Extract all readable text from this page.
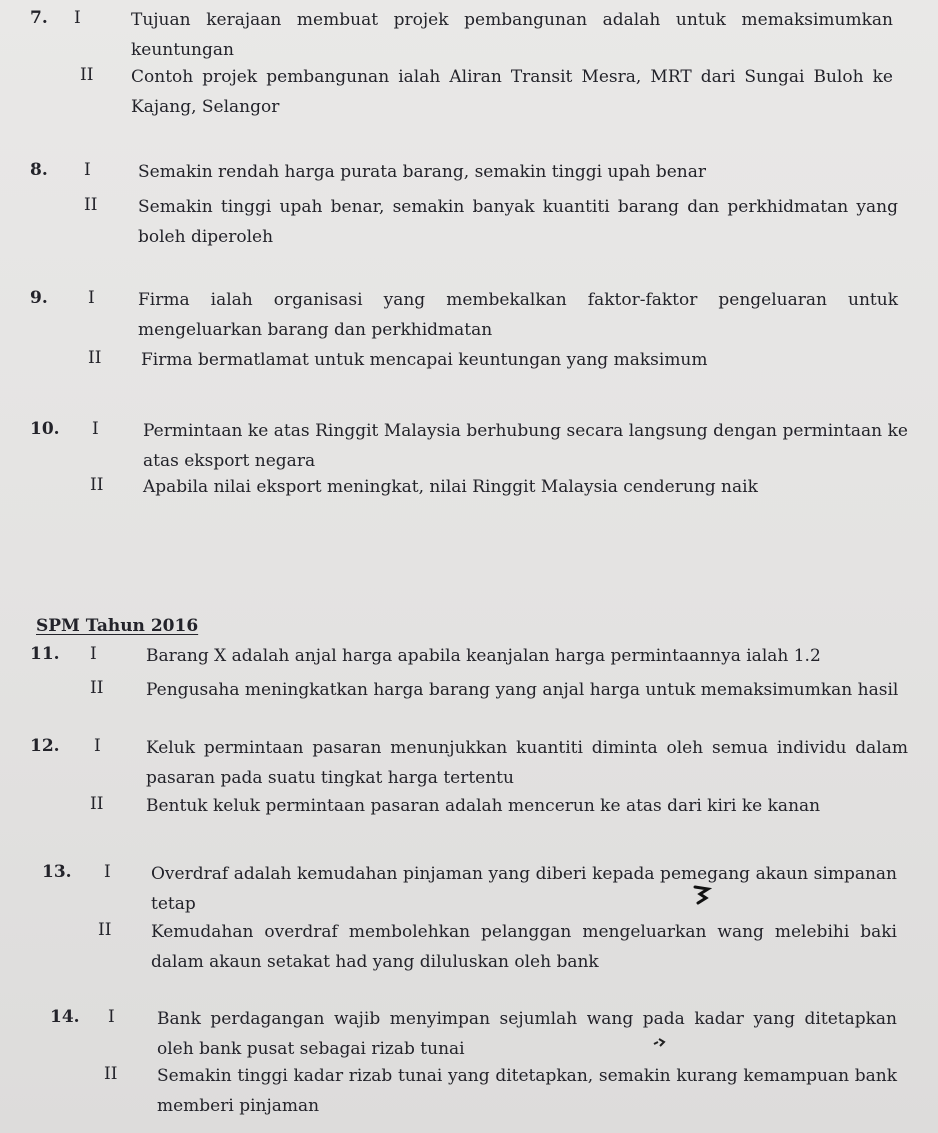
7. I	Tujuan kerajaan membuat projek pembangunan adalah untuk memaksimumkan keuntungan
II Contoh projek pembangunan ialah Aliran Transit Mesra, MRT dari Sungai Buloh ke Kajang, Selangor
8. I	Semakin rendah harga purata barang, semakin tinggi upah benar
II Semakin tinggi upah benar, semakin banyak kuantiti barang dan perkhidmatan yang boleh diperoleh
9. I	Firma ialah organisasi yang membekalkan faktor-faktor pengeluaran untuk mengeluarkan barang dan perkhidmatan
II Firma bermatlamat untuk mencapai keuntungan yang maksimum
10. I	Permintaan ke atas Ringgit Malaysia berhubung secara langsung dengan permintaan ke atas eksport negara
II Apabila nilai eksport meningkat, nilai Ringgit Malaysia cenderung naik
SPM Tahun 2016
11. I	Barang X adalah anjal harga apabila keanjalan harga permintaannya ialah 1.2
II	Pengusaha meningkatkan harga barang yang anjal harga untuk memaksimumkan hasil
12. I	Keluk permintaan pasaran menunjukkan kuantiti diminta oleh semua individu dalam pasaran pada suatu tingkat harga tertentu
II	Bentuk keluk permintaan pasaran adalah mencerun ke atas dari kiri ke kanan
13. I Overdraf adalah kemudahan pinjaman yang diberi kepada pemegang akaun simpanan tetap
II Kemudahan overdraf membolehkan pelanggan mengeluarkan wang melebihi baki dalam akaun setakat had yang diluluskan oleh bank
14. I Bank perdagangan wajib menyimpan sejumlah wang pada kadar yang ditetapkan oleh bank pusat sebagai rizab tunai
II Semakin tinggi kadar rizab tunai yang ditetapkan, semakin kurang kemampuan bank memberi pinjaman
